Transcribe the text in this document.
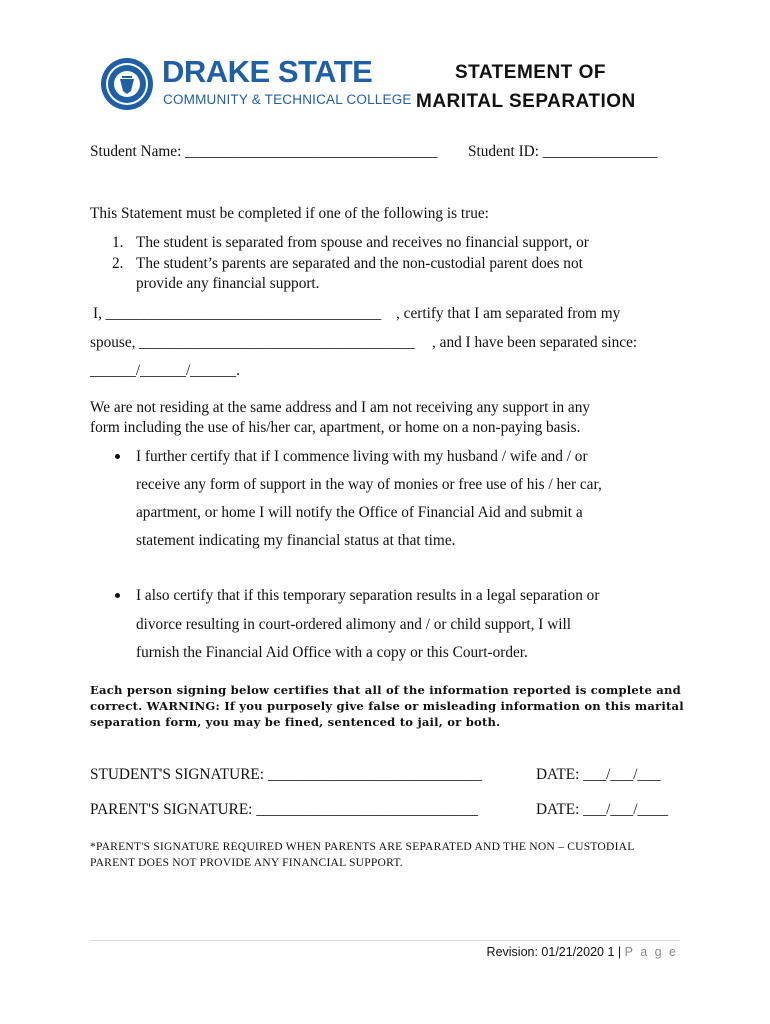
DRAKE STATE
COMMUNITY & TECHNICAL COLLEGE
STATEMENT OF
MARITAL SEPARATION
Student Name: _________________________________ Student ID: _______________
This Statement must be completed if one of the following is true:
1. The student is separated from spouse and receives no financial support, or
2. The student’s parents are separated and the non-custodial parent does not
provide any financial support.
I, ____________________________________ , certify that I am separated from my
spouse, ____________________________________ , and I have been separated since:
______/______/______.
We are not residing at the same address and I am not receiving any support in any
form including the use of his/her car, apartment, or home on a non-paying basis.
I further certify that if I commence living with my husband / wife and / or
receive any form of support in the way of monies or free use of his / her car,
apartment, or home I will notify the Office of Financial Aid and submit a
statement indicating my financial status at that time.
I also certify that if this temporary separation results in a legal separation or
divorce resulting in court-ordered alimony and / or child support, I will
furnish the Financial Aid Office with a copy or this Court-order.
Each person signing below certifies that all of the information reported is complete and
correct. WARNING: If you purposely give false or misleading information on this marital
separation form, you may be fined, sentenced to jail, or both.
STUDENT'S SIGNATURE: ____________________________	DATE: ___/___/___
PARENT'S SIGNATURE: _____________________________	DATE: ___/___/____
*PARENT'S SIGNATURE REQUIRED WHEN PARENTS ARE SEPARATED AND THE NON – CUSTODIAL
PARENT DOES NOT PROVIDE ANY FINANCIAL SUPPORT.
Revision: 01/21/2020 1 | P a g e
